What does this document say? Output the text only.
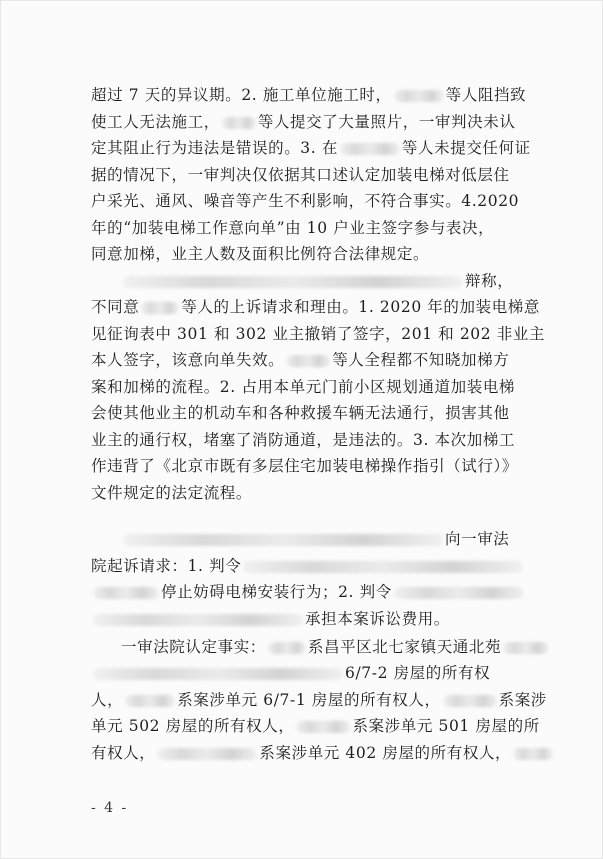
超过 7 天的异议期。2. 施工单位施工时，	等人阻挡致
使工人无法施工， 等人提交了大量照片，一审判决未认
定其阻止行为违法是错误的。3. 在	等人未提交任何证
据的情况下，一审判决仅依据其口述认定加装电梯对低层住
户采光、通风、噪音等产生不利影响，不符合事实。4.2020
年的“加装电梯工作意向单”由 10 户业主签字参与表决，
同意加梯，业主人数及面积比例符合法律规定。
辩称，
不同意	等人的上诉请求和理由。1. 2020 年的加装电梯意
见征询表中 301 和 302 业主撤销了签字，201 和 202 非业主
本人签字，该意向单失效。	等人全程都不知晓加梯方
案和加梯的流程。2. 占用本单元门前小区规划通道加装电梯
会使其他业主的机动车和各种救援车辆无法通行，损害其他
业主的通行权，堵塞了消防通道，是违法的。3. 本次加梯工
作违背了《北京市既有多层住宅加装电梯操作指引（试行）》
文件规定的法定流程。
向一审法
院起诉请求：1. 判令
停止妨碍电梯安装行为；2. 判令
承担本案诉讼费用。
一审法院认定事实：	系昌平区北七家镇天通北苑
6/7-2 房屋的所有权
人，	系案涉单元 6/7-1 房屋的所有权人，	系案涉
单元 502 房屋的所有权人，	系案涉单元 501 房屋的所
有权人，	系案涉单元 402 房屋的所有权人，
- 4 -
